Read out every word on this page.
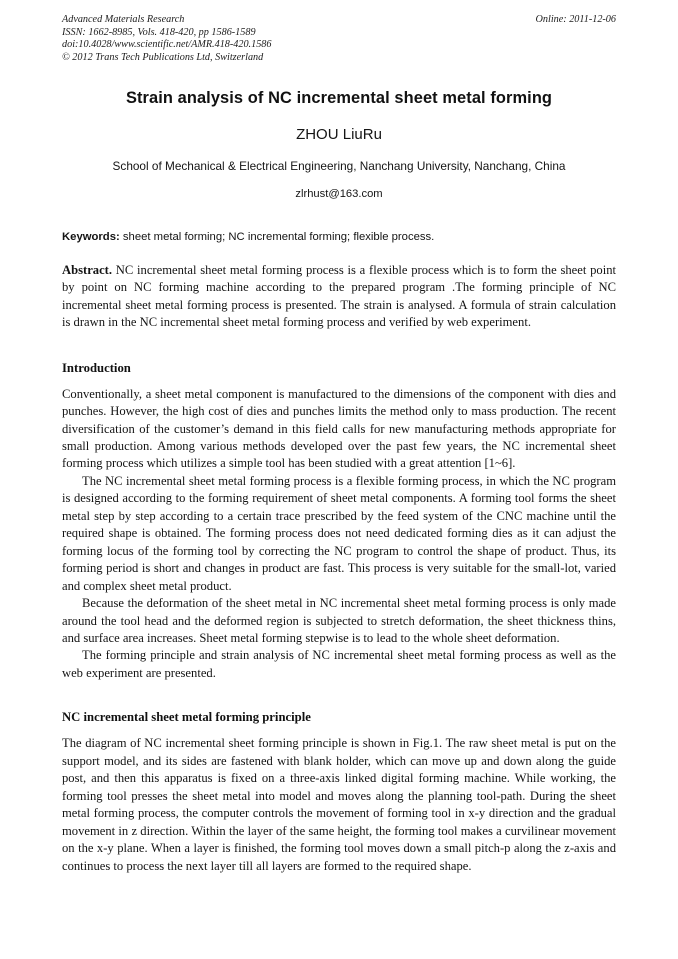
Advanced Materials Research
ISSN: 1662-8985, Vols. 418-420, pp 1586-1589
doi:10.4028/www.scientific.net/AMR.418-420.1586
© 2012 Trans Tech Publications Ltd, Switzerland
Online: 2011-12-06
Strain analysis of NC incremental sheet metal forming
ZHOU LiuRu
School of Mechanical & Electrical Engineering, Nanchang University, Nanchang, China
zlrhust@163.com
Keywords: sheet metal forming; NC incremental forming; flexible process.
Abstract. NC incremental sheet metal forming process is a flexible process which is to form the sheet point by point on NC forming machine according to the prepared program .The forming principle of NC incremental sheet metal forming process is presented. The strain is analysed. A formula of strain calculation is drawn in the NC incremental sheet metal forming process and verified by web experiment.
Introduction

Conventionally, a sheet metal component is manufactured to the dimensions of the component with dies and punches. However, the high cost of dies and punches limits the method only to mass production. The recent diversification of the customer’s demand in this field calls for new manufacturing methods appropriate for small production. Among various methods developed over the past few years, the NC incremental sheet forming process which utilizes a simple tool has been studied with a great attention [1~6].

The NC incremental sheet metal forming process is a flexible forming process, in which the NC program is designed according to the forming requirement of sheet metal components. A forming tool forms the sheet metal step by step according to a certain trace prescribed by the feed system of the CNC machine until the required shape is obtained. The forming process does not need dedicated forming dies as it can adjust the forming locus of the forming tool by correcting the NC program to control the shape of product. Thus, its forming period is short and changes in product are fast. This process is very suitable for the small-lot, varied and complex sheet metal product.

Because the deformation of the sheet metal in NC incremental sheet metal forming process is only made around the tool head and the deformed region is subjected to stretch deformation, the sheet thickness thins, and surface area increases. Sheet metal forming stepwise is to lead to the whole sheet deformation.

The forming principle and strain analysis of NC incremental sheet metal forming process as well as the web experiment are presented.

NC incremental sheet metal forming principle

The diagram of NC incremental sheet forming principle is shown in Fig.1. The raw sheet metal is put on the support model, and its sides are fastened with blank holder, which can move up and down along the guide post, and then this apparatus is fixed on a three-axis linked digital forming machine. While working, the forming tool presses the sheet metal into model and moves along the planning tool-path. During the sheet metal forming process, the computer controls the movement of forming tool in x-y direction and the gradual movement in z direction. Within the layer of the same height, the forming tool makes a curvilinear movement on the x-y plane. When a layer is finished, the forming tool moves down a small pitch-p along the z-axis and continues to process the next layer till all layers are formed to the required shape.
